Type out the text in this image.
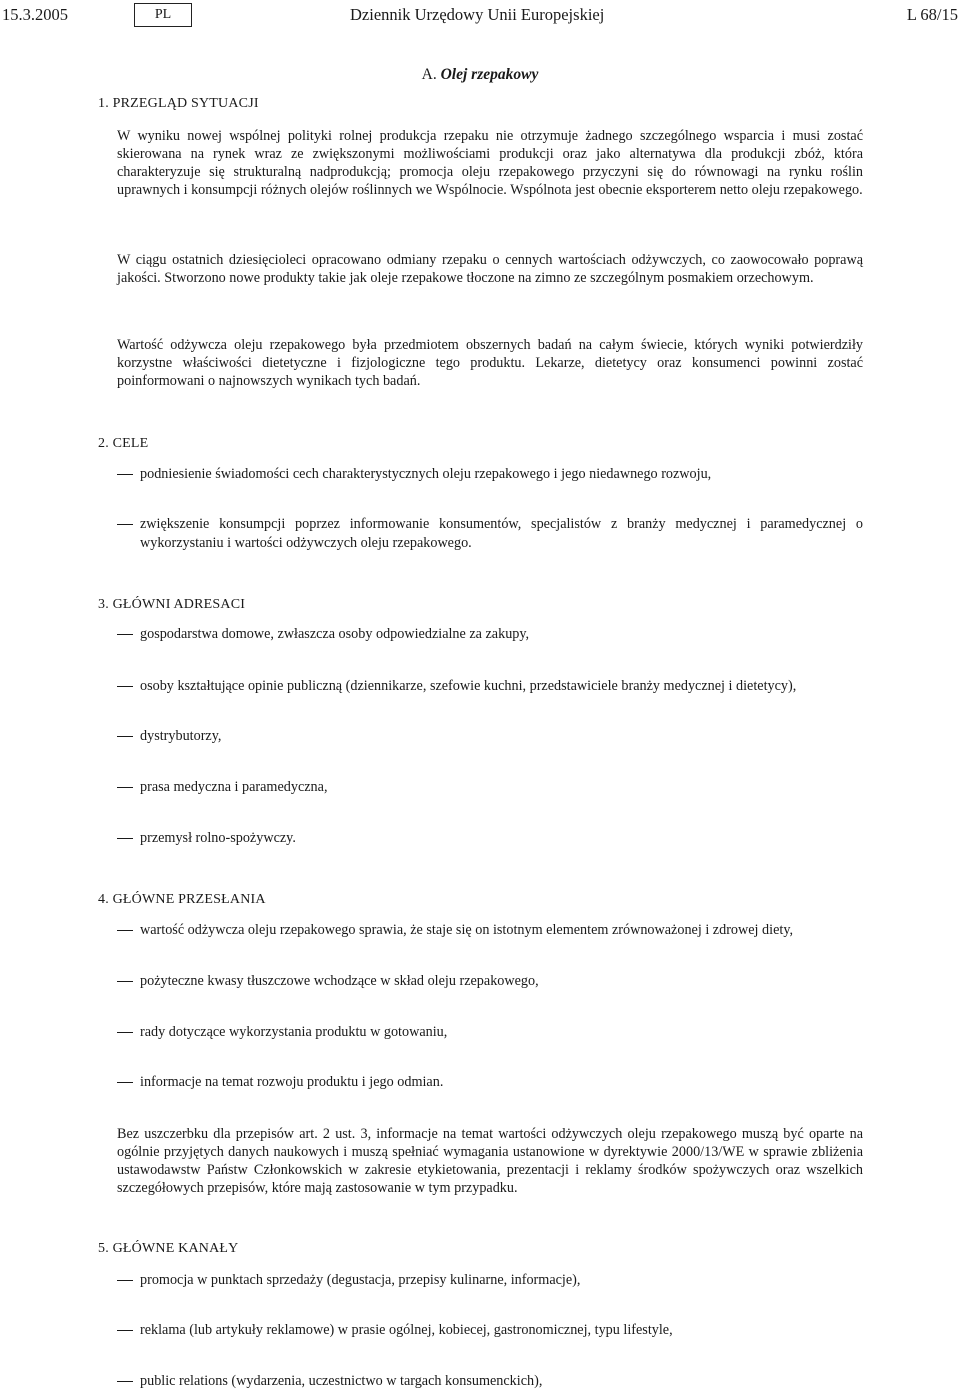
15.3.2005	PL	Dziennik Urzędowy Unii Europejskiej	L 68/15
A. Olej rzepakowy
1. PRZEGLĄD SYTUACJI

W wyniku nowej wspólnej polityki rolnej produkcja rzepaku nie otrzymuje żadnego szczególnego wsparcia i musi zostać skierowana na rynek wraz ze zwiększonymi możliwościami produkcji oraz jako alternatywa dla produkcji zbóż, która charakteryzuje się strukturalną nadprodukcją; promocja oleju rzepakowego przyczyni się do równowagi na rynku roślin uprawnych i konsumpcji różnych olejów roślinnych we Wspólnocie. Wspólnota jest obecnie eksporterem netto oleju rzepakowego.

W ciągu ostatnich dziesięcioleci opracowano odmiany rzepaku o cennych wartościach odżywczych, co zaowocowało poprawą jakości. Stworzono nowe produkty takie jak oleje rzepakowe tłoczone na zimno ze szczególnym posmakiem orzechowym.

Wartość odżywcza oleju rzepakowego była przedmiotem obszernych badań na całym świecie, których wyniki potwierdziły korzystne właściwości dietetyczne i fizjologiczne tego produktu. Lekarze, dietetycy oraz konsumenci powinni zostać poinformowani o najnowszych wynikach tych badań.

2. CELE
podniesienie świadomości cech charakterystycznych oleju rzepakowego i jego niedawnego rozwoju,
zwiększenie konsumpcji poprzez informowanie konsumentów, specjalistów z branży medycznej i paramedycznej o wykorzystaniu i wartości odżywczych oleju rzepakowego.
3. GŁÓWNI ADRESACI
gospodarstwa domowe, zwłaszcza osoby odpowiedzialne za zakupy,
osoby kształtujące opinie publiczną (dziennikarze, szefowie kuchni, przedstawiciele branży medycznej i dietetycy),
dystrybutorzy,
prasa medyczna i paramedyczna,
przemysł rolno-spożywczy.
4. GŁÓWNE PRZESŁANIA
wartość odżywcza oleju rzepakowego sprawia, że staje się on istotnym elementem zrównoważonej i zdrowej diety,
pożyteczne kwasy tłuszczowe wchodzące w skład oleju rzepakowego,
rady dotyczące wykorzystania produktu w gotowaniu,
informacje na temat rozwoju produktu i jego odmian.

Bez uszczerbku dla przepisów art. 2 ust. 3, informacje na temat wartości odżywczych oleju rzepakowego muszą być oparte na ogólnie przyjętych danych naukowych i muszą spełniać wymagania ustanowione w dyrektywie 2000/13/WE w sprawie zbliżenia ustawodawstw Państw Członkowskich w zakresie etykietowania, prezentacji i reklamy środków spożywczych oraz wszelkich szczegółowych przepisów, które mają zastosowanie w tym przypadku.

5. GŁÓWNE KANAŁY
promocja w punktach sprzedaży (degustacja, przepisy kulinarne, informacje),
reklama (lub artykuły reklamowe) w prasie ogólnej, kobiecej, gastronomicznej, typu lifestyle,
public relations (wydarzenia, uczestnictwo w targach konsumenckich),
